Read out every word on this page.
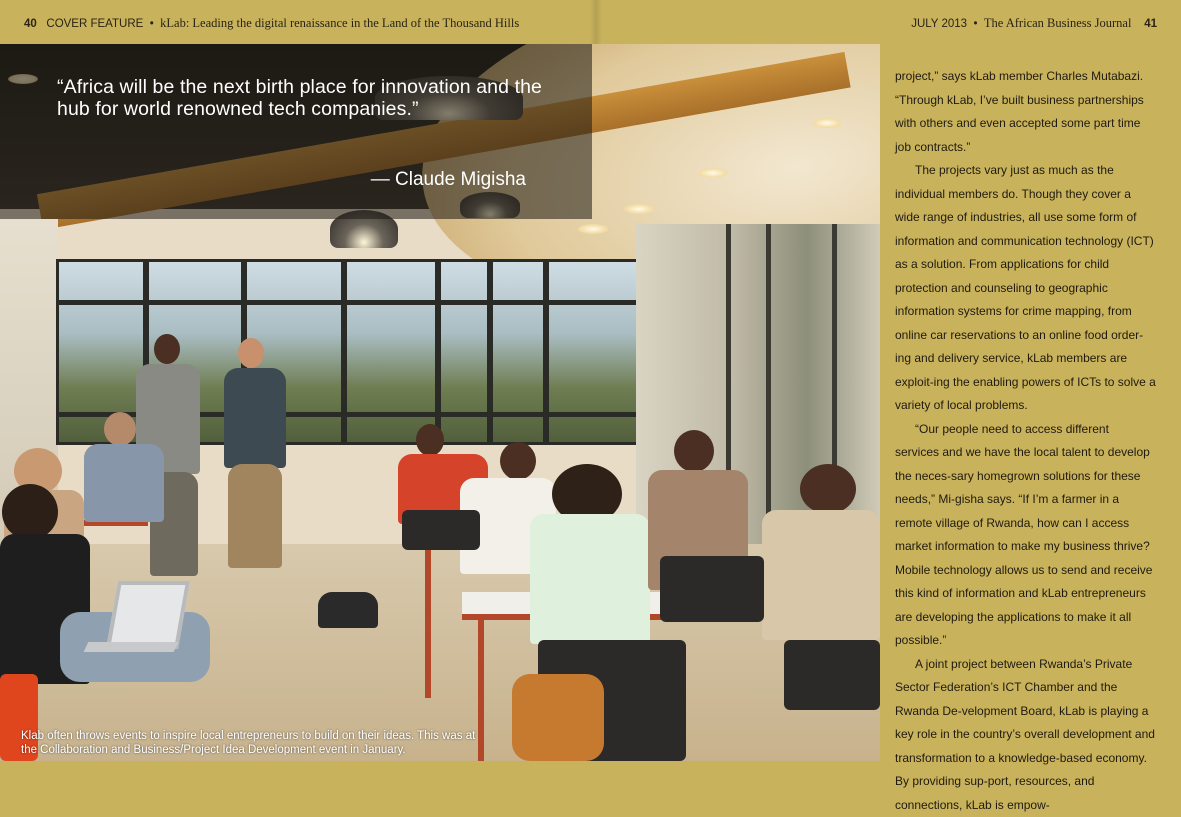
40 COVER FEATURE  •  kLab: Leading the digital renaissance in the Land of the Thousand Hills	JULY 2013  •  The African Business Journal 41
“Africa will be the next birth place for innovation and the hub for world renowned tech companies.”
— Claude Migisha
Klab often throws events to inspire local entrepreneurs to build on their ideas. This was at the Collaboration and Business/Project Idea Development event in January.

project,” says kLab member Charles Mutabazi. “Through kLab, I’ve built business partnerships with others and even accepted some part time job contracts.”

The projects vary just as much as the individual members do. Though they cover a wide range of industries, all use some form of information and communication technology (ICT) as a solution. From applications for child protection and counseling to geographic information systems for crime mapping, from online car reservations to an online food order-ing and delivery service, kLab members are exploit-ing the enabling powers of ICTs to solve a variety of local problems.

“Our people need to access different services and we have the local talent to develop the neces-sary homegrown solutions for these needs,” Mi-gisha says. “If I’m a farmer in a remote village of Rwanda, how can I access market information to make my business thrive? Mobile technology allows us to send and receive this kind of information and kLab entrepreneurs are developing the applications to make it all possible.”

A joint project between Rwanda’s Private Sector Federation’s ICT Chamber and the Rwanda De-velopment Board, kLab is playing a key role in the country’s overall development and transformation to a knowledge-based economy. By providing sup-port, resources, and connections, kLab is empow-
